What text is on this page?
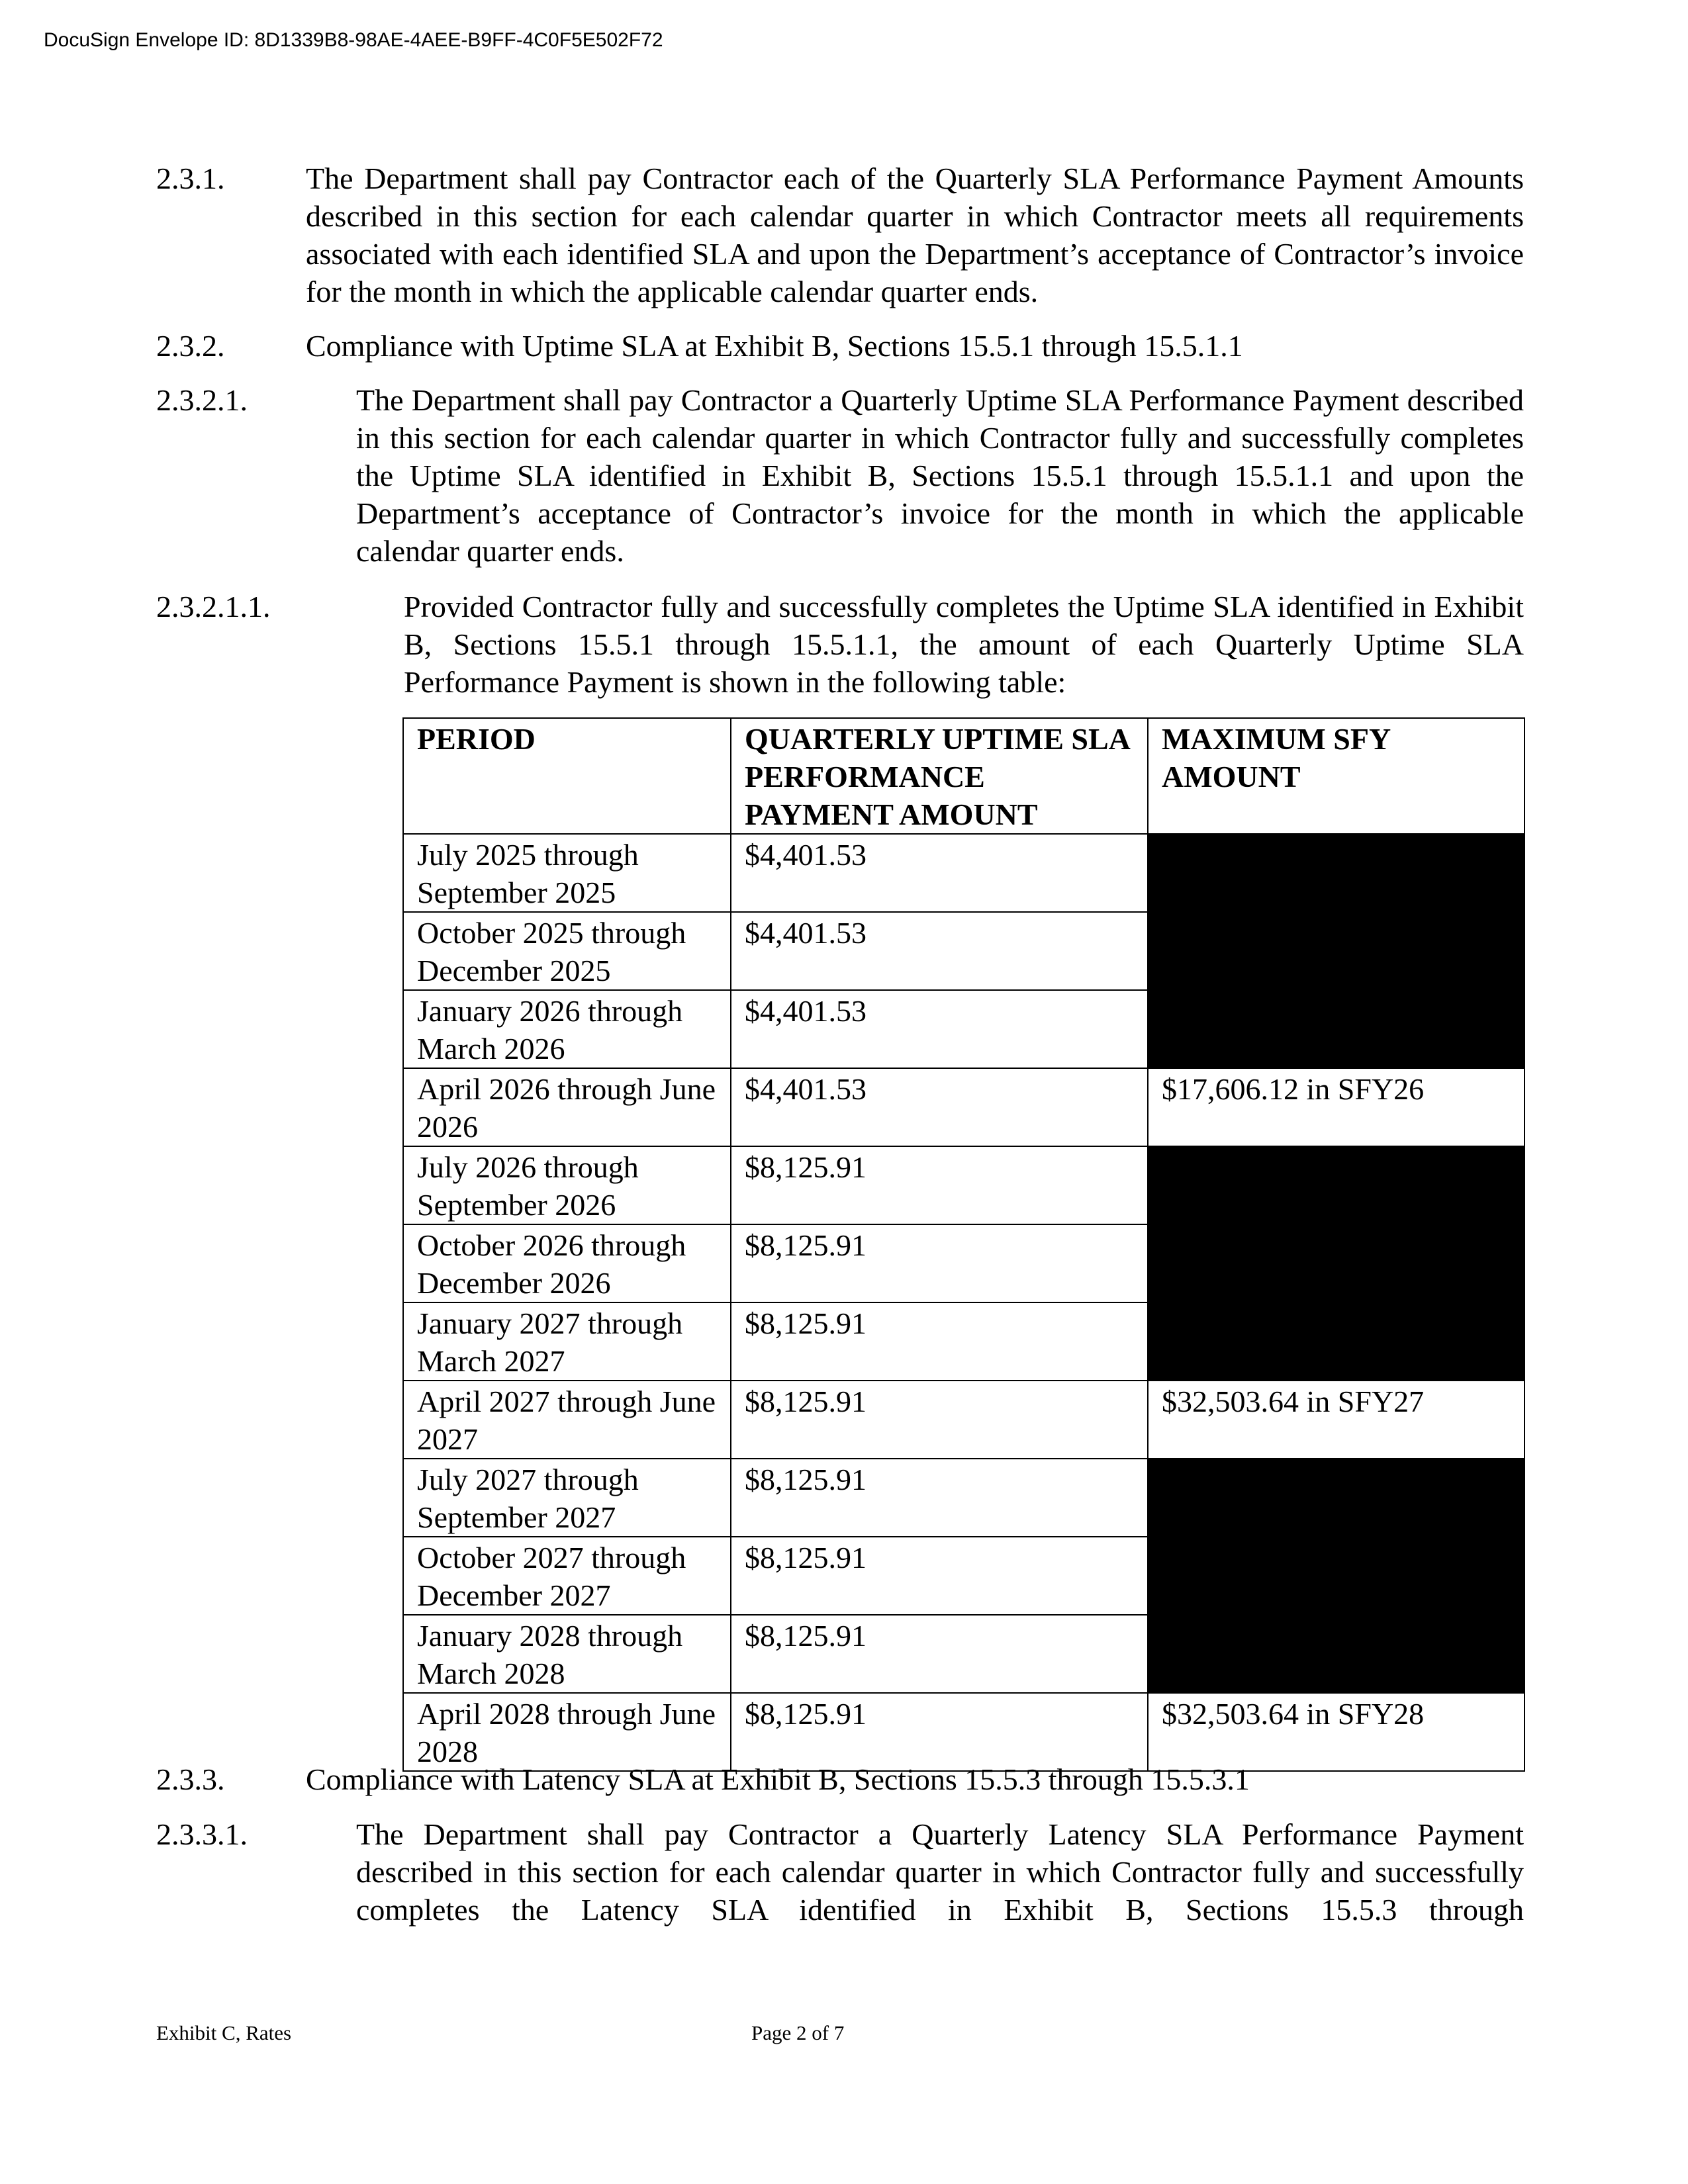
DocuSign Envelope ID: 8D1339B8-98AE-4AEE-B9FF-4C0F5E502F72
2.3.1.	The Department shall pay Contractor each of the Quarterly SLA Performance Payment Amounts described in this section for each calendar quarter in which Contractor meets all requirements associated with each identified SLA and upon the Department’s acceptance of Contractor’s invoice for the month in which the applicable calendar quarter ends.
2.3.2.	Compliance with Uptime SLA at Exhibit B, Sections 15.5.1 through 15.5.1.1
2.3.2.1.	The Department shall pay Contractor a Quarterly Uptime SLA Performance Payment described in this section for each calendar quarter in which Contractor fully and successfully completes the Uptime SLA identified in Exhibit B, Sections 15.5.1 through 15.5.1.1 and upon the Department’s acceptance of Contractor’s invoice for the month in which the applicable calendar quarter ends.
2.3.2.1.1.	Provided Contractor fully and successfully completes the Uptime SLA identified in Exhibit B, Sections 15.5.1 through 15.5.1.1, the amount of each Quarterly Uptime SLA Performance Payment is shown in the following table:
PERIOD	QUARTERLY UPTIME SLA PERFORMANCE PAYMENT AMOUNT	MAXIMUM SFY AMOUNT
July 2025 through September 2025	$4,401.53	
October 2025 through December 2025	$4,401.53	
January 2026 through March 2026	$4,401.53	
April 2026 through June 2026	$4,401.53	$17,606.12 in SFY26
July 2026 through September 2026	$8,125.91	
October 2026 through December 2026	$8,125.91	
January 2027 through March 2027	$8,125.91	
April 2027 through June 2027	$8,125.91	$32,503.64 in SFY27
July 2027 through September 2027	$8,125.91	
October 2027 through December 2027	$8,125.91	
January 2028 through March 2028	$8,125.91	
April 2028 through June 2028	$8,125.91	$32,503.64 in SFY28
2.3.3.	Compliance with Latency SLA at Exhibit B, Sections 15.5.3 through 15.5.3.1
2.3.3.1.	The Department shall pay Contractor a Quarterly Latency SLA Performance Payment described in this section for each calendar quarter in which Contractor fully and successfully completes the Latency SLA identified in Exhibit B, Sections 15.5.3 through
Exhibit C, Rates	Page 2 of 7
